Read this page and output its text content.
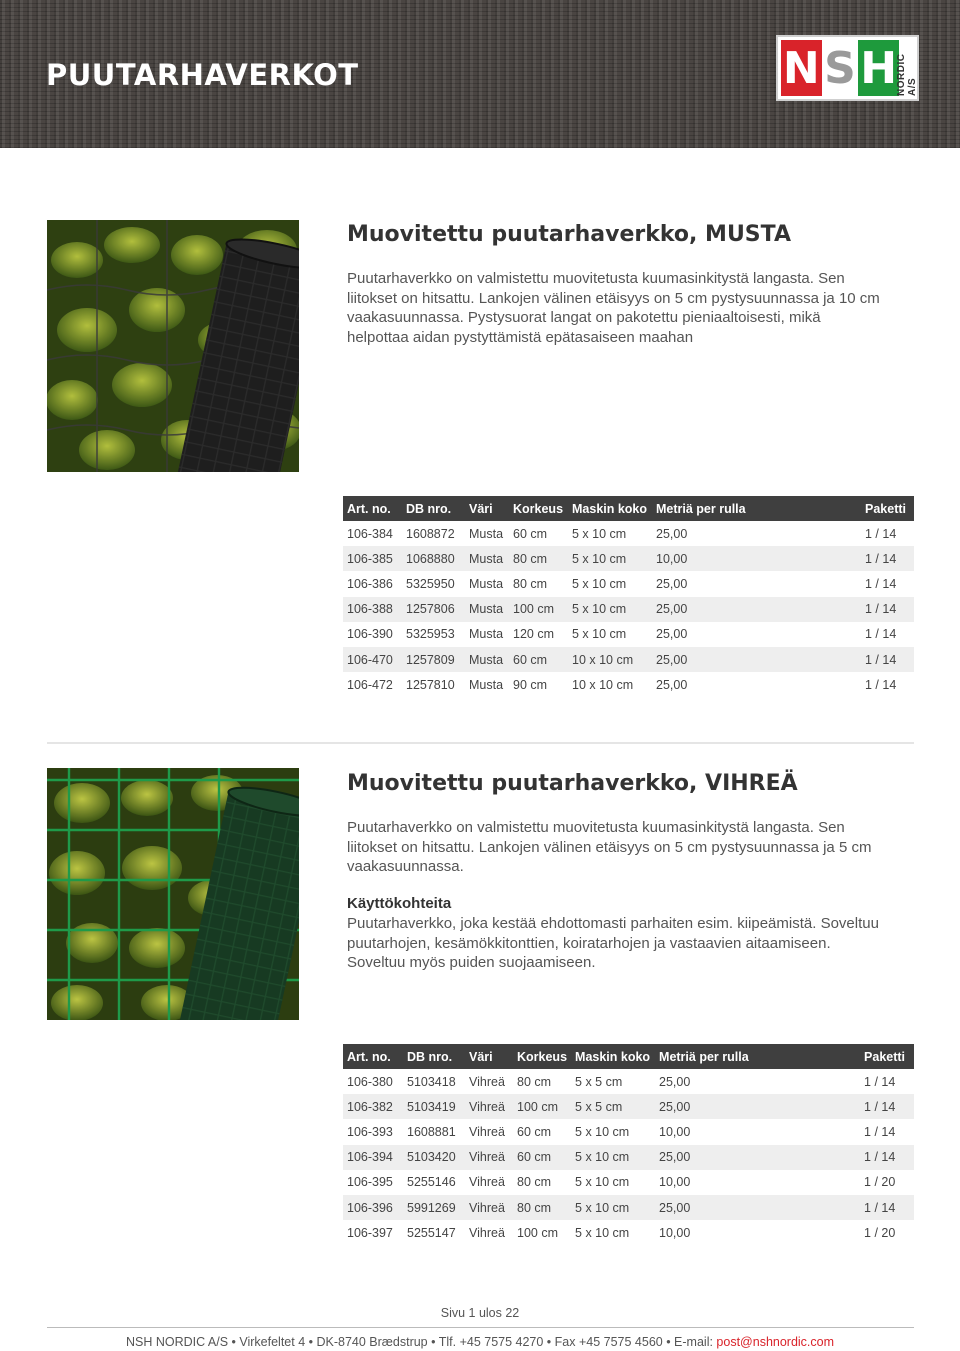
PUUTARHAVERKOT	N S H
NORDIC A/S
Muovitettu puutarhaverkko, MUSTA
Puutarhaverkko on valmistettu muovitetusta kuumasinkitystä langasta. Sen
liitokset on hitsattu. Lankojen välinen etäisyys on 5 cm pystysuunnassa ja 10 cm
vaakasuunnassa. Pystysuorat langat on pakotettu pieniaaltoisesti, mikä
helpottaa aidan pystyttämistä epätasaiseen maahan
Art. no.	DB nro.	Väri	Korkeus	Maskin koko	Metriä per rulla	Paketti
106-384	1608872	Musta	60 cm	5 x 10 cm	25,00	1 / 14
106-385	1068880	Musta	80 cm	5 x 10 cm	10,00	1 / 14
106-386	5325950	Musta	80 cm	5 x 10 cm	25,00	1 / 14
106-388	1257806	Musta	100 cm	5 x 10 cm	25,00	1 / 14
106-390	5325953	Musta	120 cm	5 x 10 cm	25,00	1 / 14
106-470	1257809	Musta	60 cm	10 x 10 cm	25,00	1 / 14
106-472	1257810	Musta	90 cm	10 x 10 cm	25,00	1 / 14
Muovitettu puutarhaverkko, VIHREÄ
Puutarhaverkko on valmistettu muovitetusta kuumasinkitystä langasta. Sen
liitokset on hitsattu. Lankojen välinen etäisyys on 5 cm pystysuunnassa ja 5 cm
vaakasuunnassa.
Käyttökohteita
Puutarhaverkko, joka kestää ehdottomasti parhaiten esim. kiipeämistä. Soveltuu
puutarhojen, kesämökkitonttien, koiratarhojen ja vastaavien aitaamiseen.
Soveltuu myös puiden suojaamiseen.
Art. no.	DB nro.	Väri	Korkeus	Maskin koko	Metriä per rulla	Paketti
106-380	5103418	Vihreä	80 cm	5 x 5 cm	25,00	1 / 14
106-382	5103419	Vihreä	100 cm	5 x 5 cm	25,00	1 / 14
106-393	1608881	Vihreä	60 cm	5 x 10 cm	10,00	1 / 14
106-394	5103420	Vihreä	60 cm	5 x 10 cm	25,00	1 / 14
106-395	5255146	Vihreä	80 cm	5 x 10 cm	10,00	1 / 20
106-396	5991269	Vihreä	80 cm	5 x 10 cm	25,00	1 / 14
106-397	5255147	Vihreä	100 cm	5 x 10 cm	10,00	1 / 20
Sivu 1 ulos 22
NSH NORDIC A/S • Virkefeltet 4 • DK-8740 Brædstrup • Tlf. +45 7575 4270 • Fax +45 7575 4560 • E-mail: post@nshnordic.com
